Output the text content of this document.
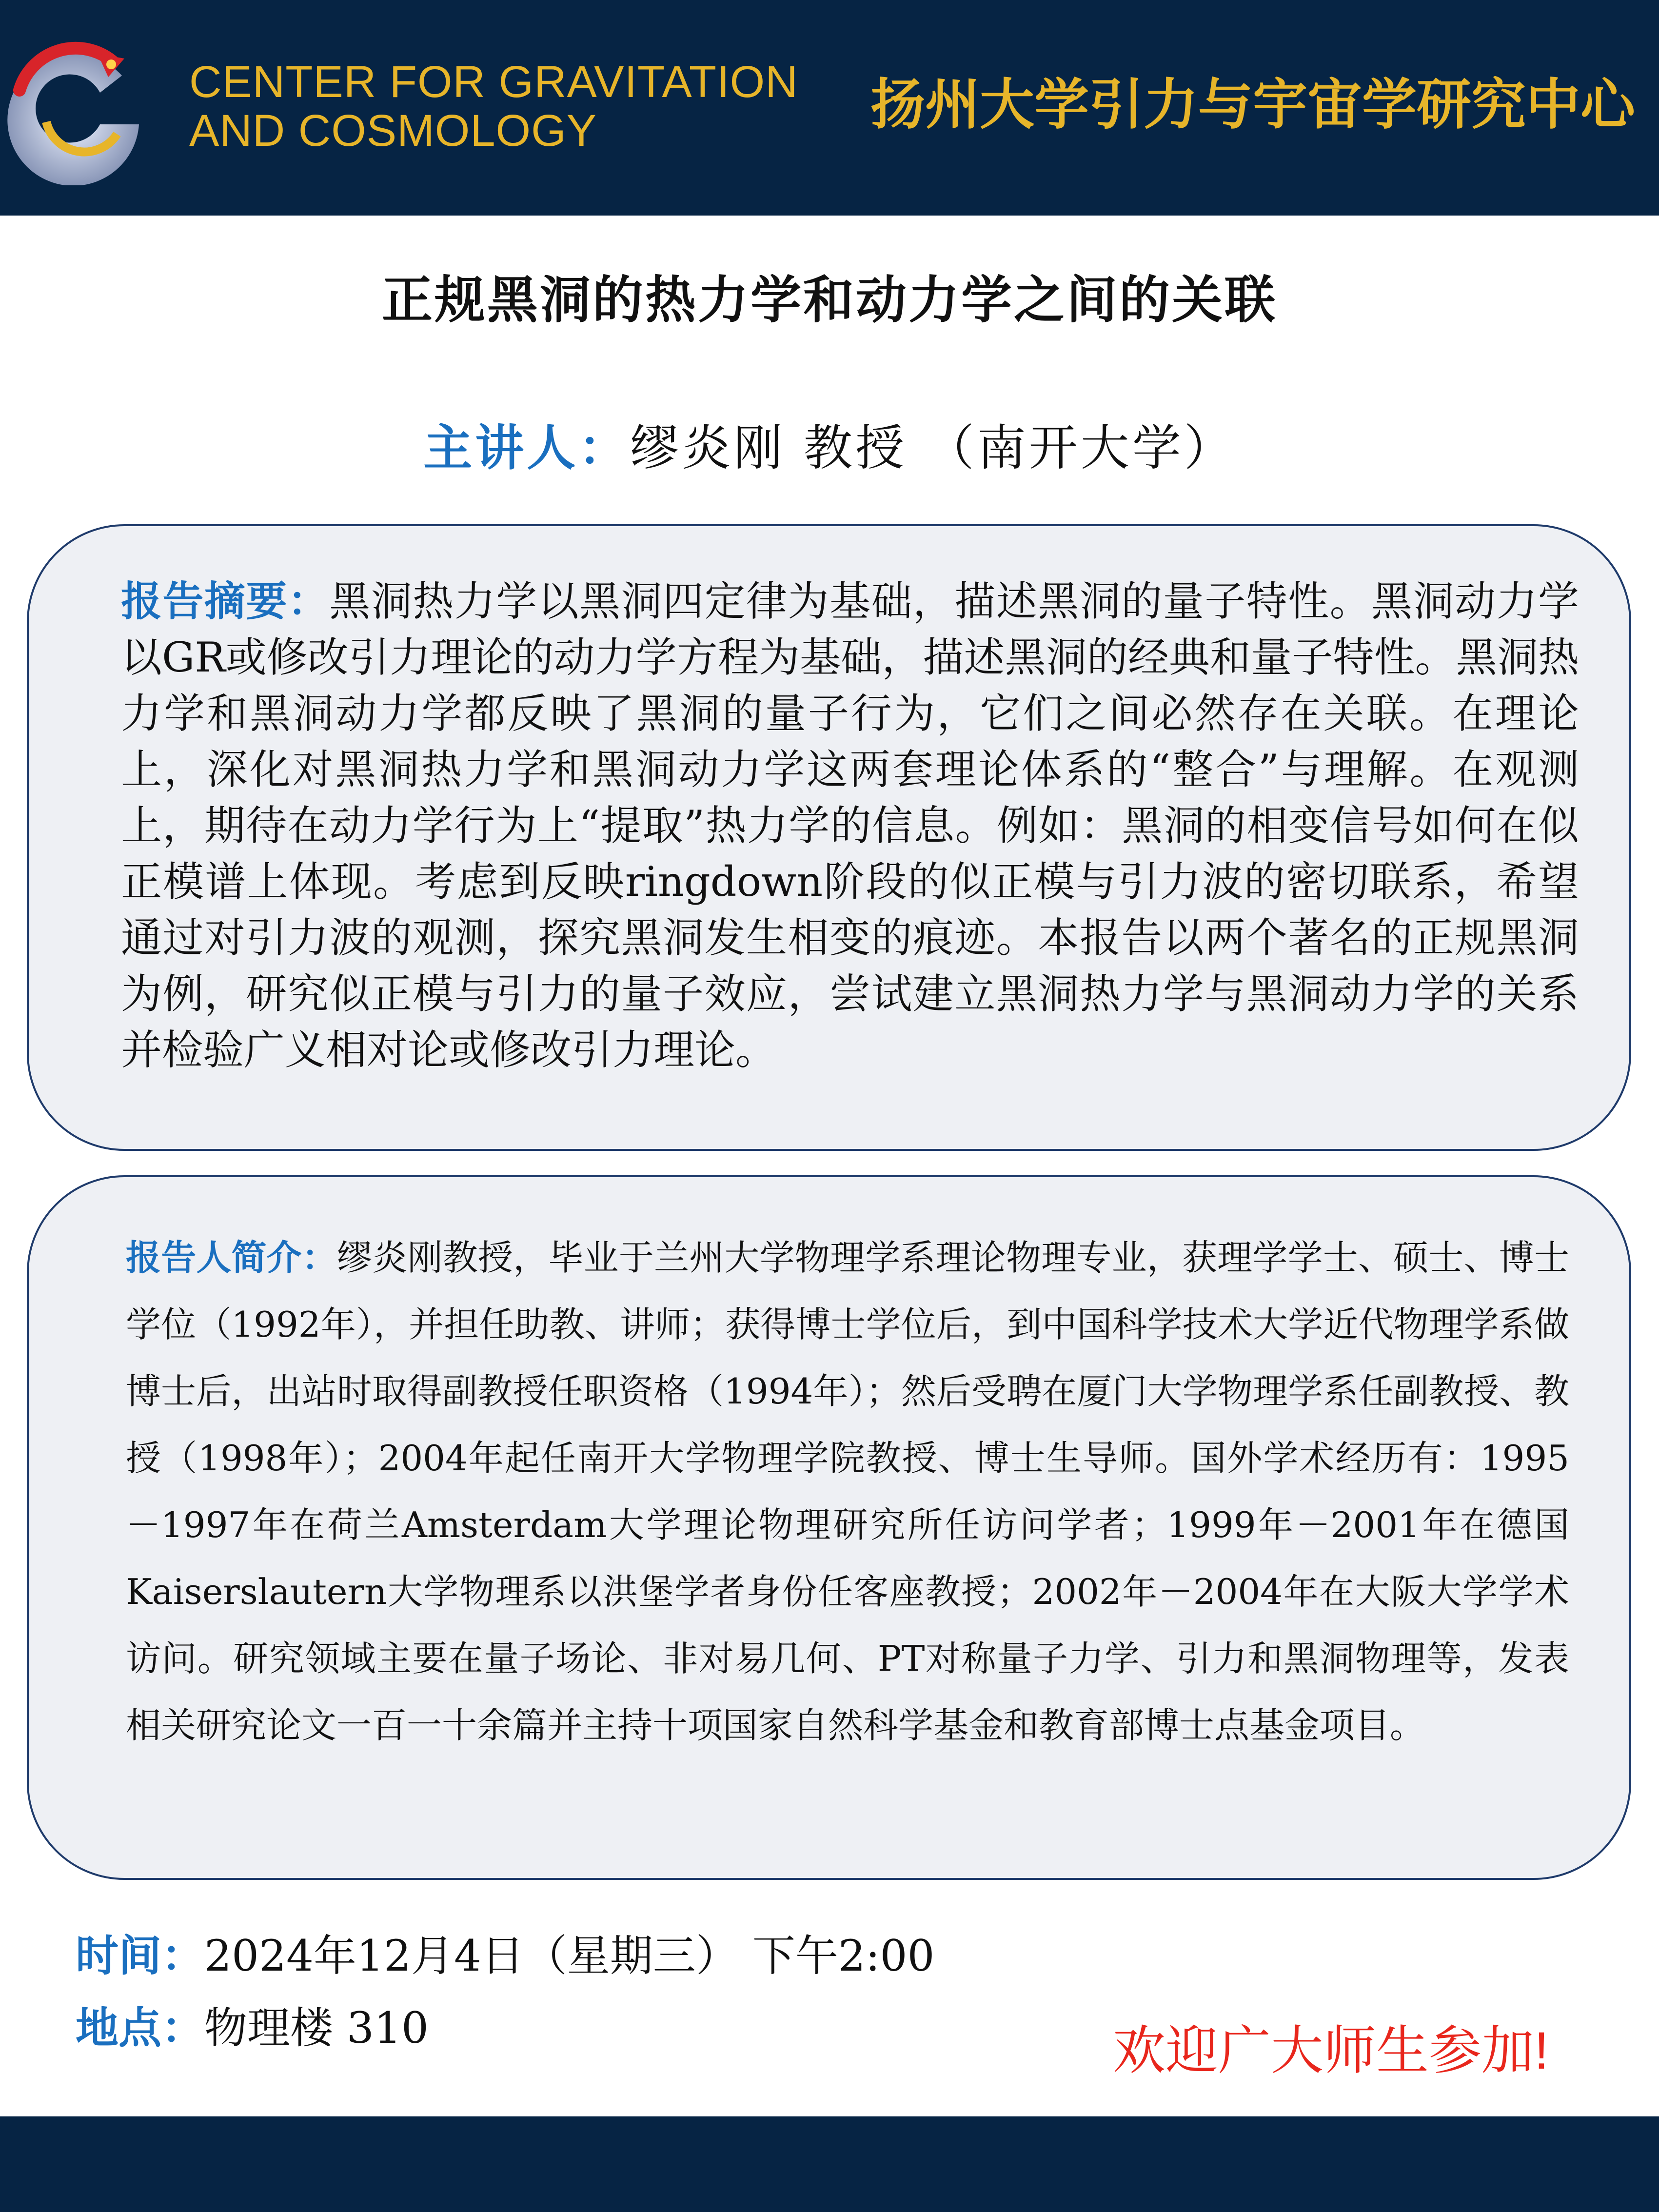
CENTER FOR GRAVITATION
AND COSMOLOGY	扬州大学引力与宇宙学研究中心
正规黑洞的热力学和动力学之间的关联
主讲人：缪炎刚 教授 （南开大学）
报告摘要：黑洞热力学以黑洞四定律为基础，描述黑洞的量子特性。黑洞动力学以GR或修改引力理论的动力学方程为基础，描述黑洞的经典和量子特性。黑洞热力学和黑洞动力学都反映了黑洞的量子行为，它们之间必然存在关联。在理论上，深化对黑洞热力学和黑洞动力学这两套理论体系的“整合”与理解。在观测上，期待在动力学行为上“提取”热力学的信息。例如：黑洞的相变信号如何在似正模谱上体现。考虑到反映ringdown阶段的似正模与引力波的密切联系，希望通过对引力波的观测，探究黑洞发生相变的痕迹。本报告以两个著名的正规黑洞为例，研究似正模与引力的量子效应，尝试建立黑洞热力学与黑洞动力学的关系并检验广义相对论或修改引力理论。
报告人简介：缪炎刚教授，毕业于兰州大学物理学系理论物理专业，获理学学士、硕士、博士学位（1992年），并担任助教、讲师；获得博士学位后，到中国科学技术大学近代物理学系做博士后，出站时取得副教授任职资格（1994年）；然后受聘在厦门大学物理学系任副教授、教授（1998年）；2004年起任南开大学物理学院教授、博士生导师。国外学术经历有：1995－1997年在荷兰Amsterdam大学理论物理研究所任访问学者；1999年－2001年在德国Kaiserslautern大学物理系以洪堡学者身份任客座教授；2002年－2004年在大阪大学学术访问。研究领域主要在量子场论、非对易几何、PT对称量子力学、引力和黑洞物理等，发表相关研究论文一百一十余篇并主持十项国家自然科学基金和教育部博士点基金项目。
时间：2024年12月4日（星期三） 下午2:00
地点：物理楼 310	欢迎广大师生参加!
